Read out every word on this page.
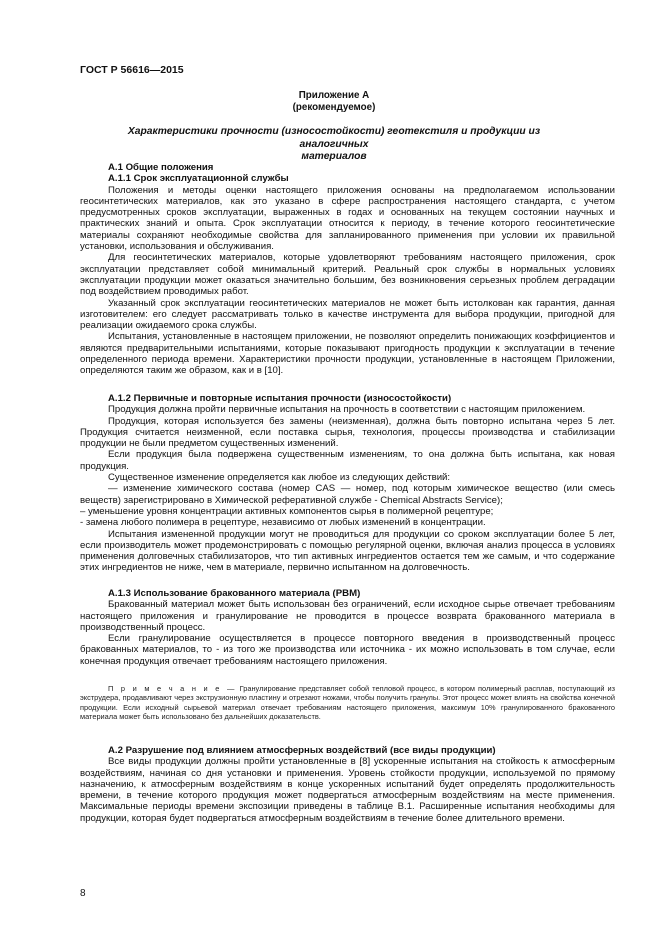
ГОСТ Р 56616—2015
Приложение А
(рекомендуемое)
Характеристики прочности (износостойкости) геотекстиля и продукции из аналогичных
материалов

А.1 Общие положения

А.1.1 Срок эксплуатационной службы

Положения и методы оценки настоящего приложения основаны на предполагаемом использовании геосинтетических материалов, как это указано в сфере распространения настоящего стандарта, с учетом предусмотренных сроков эксплуатации, выраженных в годах и основанных на текущем состоянии научных и практических знаний и опыта. Срок эксплуатации относится к периоду, в течение которого геосинтетические материалы сохраняют необходимые свойства для запланированного применения при условии их правильной установки, использования и обслуживания.

Для геосинтетических материалов, которые удовлетворяют требованиям настоящего приложения, срок эксплуатации представляет собой минимальный критерий. Реальный срок службы в нормальных условиях эксплуатации продукции может оказаться значительно большим, без возникновения серьезных проблем деградации под воздействием проводимых работ.

Указанный срок эксплуатации геосинтетических материалов не может быть истолкован как гарантия, данная изготовителем: его следует рассматривать только в качестве инструмента для выбора продукции, пригодной для реализации ожидаемого срока службы.

Испытания, установленные в настоящем приложении, не позволяют определить понижающих коэффициентов и являются предварительными испытаниями, которые показывают пригодность продукции к эксплуатации в течение определенного периода времени. Характеристики прочности продукции, установленные в настоящем Приложении, определяются таким же образом, как и в [10].

А.1.2 Первичные и повторные испытания прочности (износостойкости)

Продукция должна пройти первичные испытания на прочность в соответствии с настоящим приложением.

Продукция, которая используется без замены (неизменная), должна быть повторно испытана через 5 лет. Продукция считается неизменной, если поставка сырья, технология, процессы производства и стабилизации продукции не были предметом существенных изменений.

Если продукция была подвержена существенным изменениям, то она должна быть испытана, как новая продукция.

Существенное изменение определяется как любое из следующих действий:

— изменение химического состава (номер CAS — номер, под которым химическое вещество (или смесь веществ) зарегистрировано в Химической реферативной службе - Chemical Abstracts Service);

– уменьшение уровня концентрации активных компонентов сырья в полимерной рецептуре;

- замена любого полимера в рецептуре, независимо от любых изменений в концентрации.

Испытания измененной продукции могут не проводиться для продукции со сроком эксплуатации более 5 лет, если производитель может продемонстрировать с помощью регулярной оценки, включая анализ процесса в условиях применения долговечных стабилизаторов, что тип активных ингредиентов остается тем же самым, и что содержание этих ингредиентов не ниже, чем в материале, первично испытанном на долговечность.

А.1.3 Использование бракованного материала (РВМ)

Бракованный материал может быть использован без ограничений, если исходное сырье отвечает требованиям настоящего приложения и гранулирование не проводится в процессе возврата бракованного материала в производственный процесс.

Если гранулирование осуществляется в процессе повторного введения в производственный процесс бракованных материалов, то - из того же производства или источника - их можно использовать в том случае, если конечная продукция отвечает требованиям настоящего приложения.

П р и м е ч а н и е — Гранулирование представляет собой тепловой процесс, в котором полимерный расплав, поступающий из экструдера, продавливают через экструзионную пластину и отрезают ножами, чтобы получить гранулы. Этот процесс может влиять на свойства конечной продукции. Если исходный сырьевой материал отвечает требованиям настоящего приложения, максимум 10% гранулированного бракованного материала может быть использовано без дальнейших доказательств.

А.2 Разрушение под влиянием атмосферных воздействий (все виды продукции)

Все виды продукции должны пройти установленные в [8] ускоренные испытания на стойкость к атмосферным воздействиям, начиная со дня установки и применения. Уровень стойкости продукции, используемой по прямому назначению, к атмосферным воздействиям в конце ускоренных испытаний будет определять продолжительность времени, в течение которого продукция может подвергаться атмосферным воздействиям на месте применения. Максимальные периоды времени экспозиции приведены в таблице В.1. Расширенные испытания необходимы для продукции, которая будет подвергаться атмосферным воздействиям в течение более длительного времени.

8
